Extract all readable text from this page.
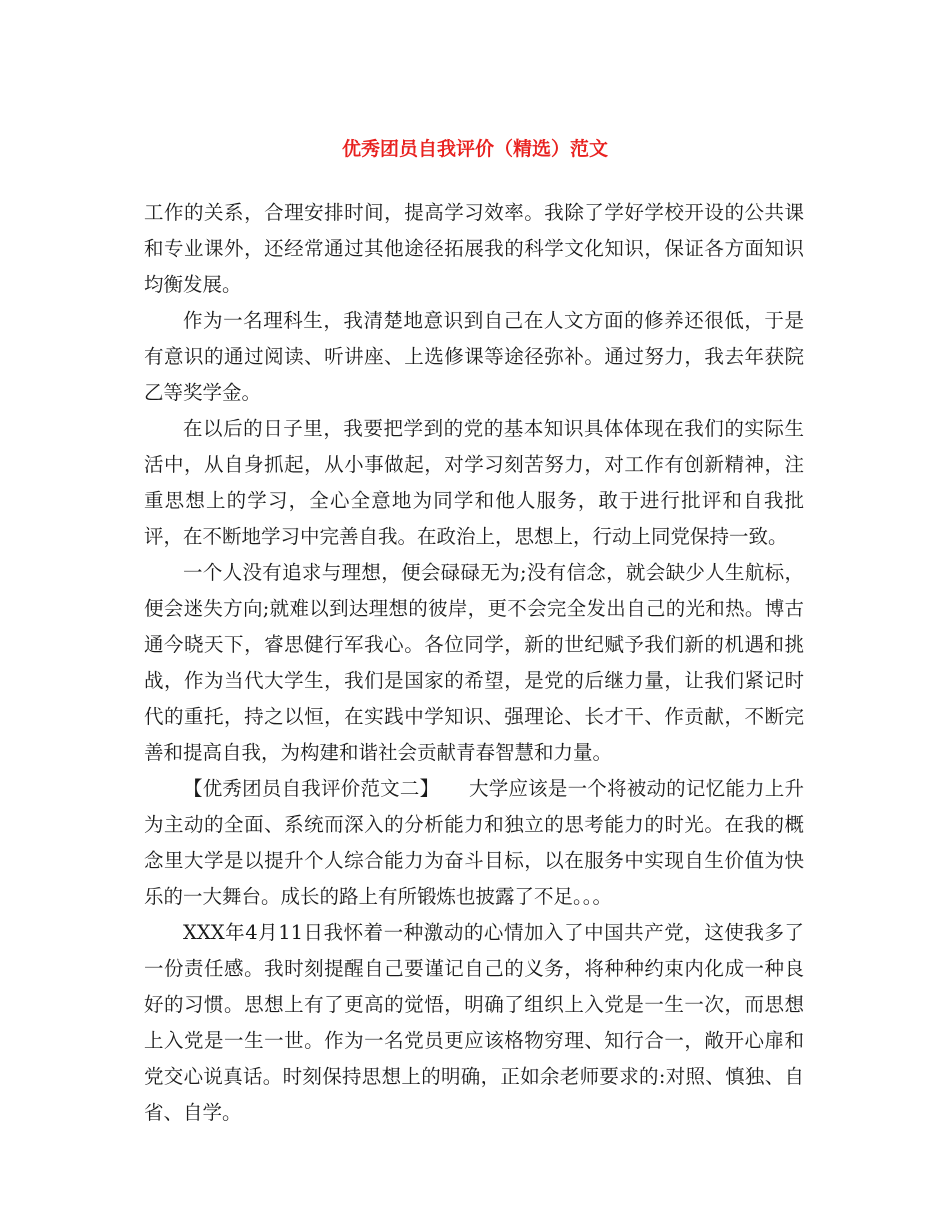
优秀团员自我评价（精选）范文

工作的关系，合理安排时间，提高学习效率。我除了学好学校开设的公共课和专业课外，还经常通过其他途径拓展我的科学文化知识，保证各方面知识均衡发展。

作为一名理科生，我清楚地意识到自己在人文方面的修养还很低，于是有意识的通过阅读、听讲座、上选修课等途径弥补。通过努力，我去年获院乙等奖学金。

在以后的日子里，我要把学到的党的基本知识具体体现在我们的实际生活中，从自身抓起，从小事做起，对学习刻苦努力，对工作有创新精神，注重思想上的学习，全心全意地为同学和他人服务，敢于进行批评和自我批评，在不断地学习中完善自我。在政治上，思想上，行动上同党保持一致。

一个人没有追求与理想，便会碌碌无为;没有信念，就会缺少人生航标，便会迷失方向;就难以到达理想的彼岸，更不会完全发出自己的光和热。博古通今晓天下，睿思健行军我心。各位同学，新的世纪赋予我们新的机遇和挑战，作为当代大学生，我们是国家的希望，是党的后继力量，让我们紧记时代的重托，持之以恒，在实践中学知识、强理论、长才干、作贡献，不断完善和提高自我，为构建和谐社会贡献青春智慧和力量。

【优秀团员自我评价范文二】　　大学应该是一个将被动的记忆能力上升为主动的全面、系统而深入的分析能力和独立的思考能力的时光。在我的概念里大学是以提升个人综合能力为奋斗目标，以在服务中实现自生价值为快乐的一大舞台。成长的路上有所锻炼也披露了不足。。。

XXX年4月11日我怀着一种激动的心情加入了中国共产党，这使我多了一份责任感。我时刻提醒自己要谨记自己的义务，将种种约束内化成一种良好的习惯。思想上有了更高的觉悟，明确了组织上入党是一生一次，而思想上入党是一生一世。作为一名党员更应该格物穷理、知行合一，敞开心扉和党交心说真话。时刻保持思想上的明确，正如余老师要求的:对照、慎独、自省、自学。
